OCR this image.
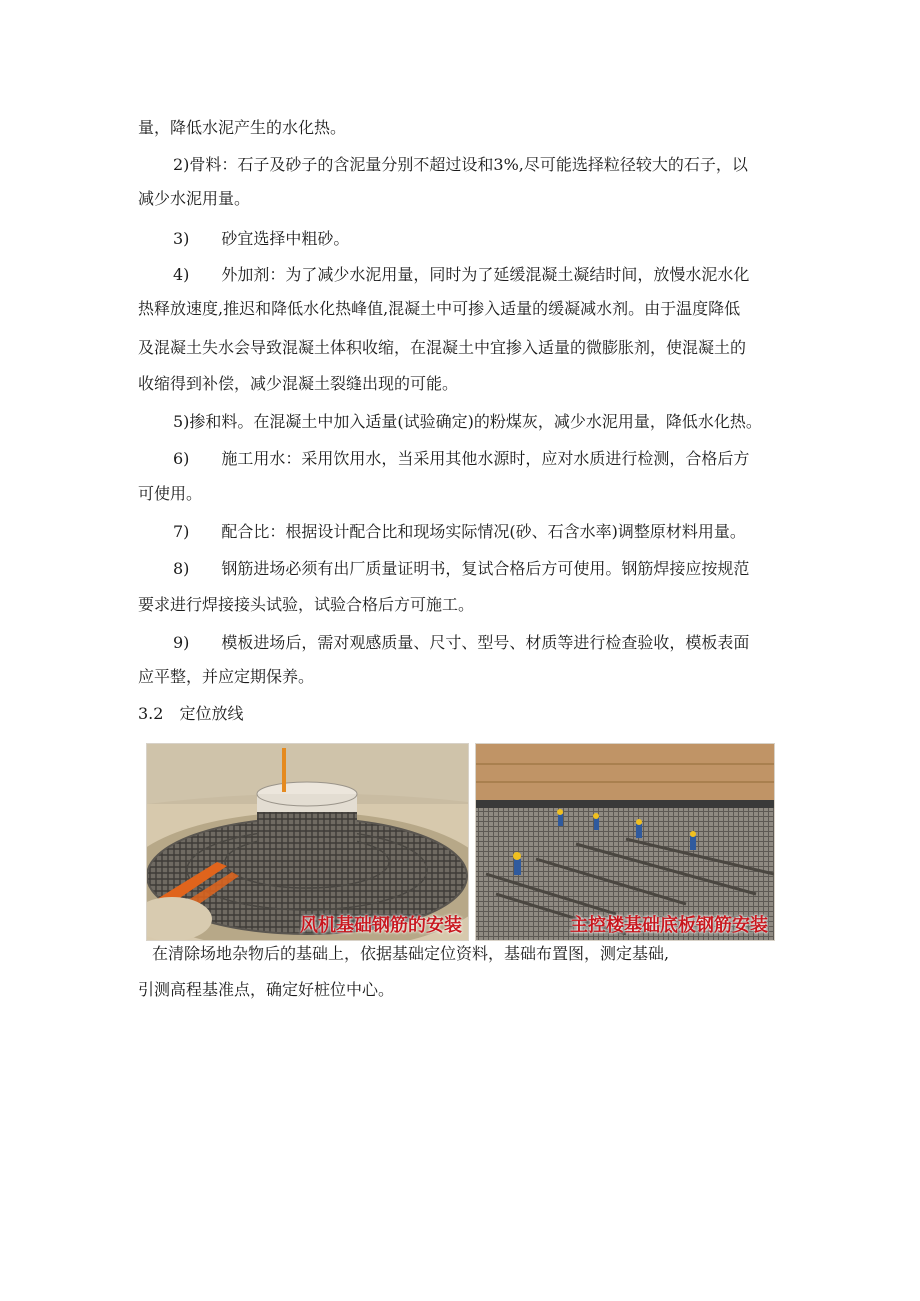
量，降低水泥产生的水化热。
2)骨料：石子及砂子的含泥量分别不超过设和3%,尽可能选择粒径较大的石子，以
减少水泥用量。
3)　　砂宜选择中粗砂。
4)　　外加剂：为了减少水泥用量，同时为了延缓混凝土凝结时间，放慢水泥水化
热释放速度,推迟和降低水化热峰值,混凝土中可掺入适量的缓凝减水剂。由于温度降低
及混凝土失水会导致混凝土体积收缩，在混凝土中宜掺入适量的微膨胀剂，使混凝土的
收缩得到补偿，减少混凝土裂缝出现的可能。
5)掺和料。在混凝土中加入适量(试验确定)的粉煤灰，减少水泥用量，降低水化热。
6)　　施工用水：采用饮用水，当采用其他水源时，应对水质进行检测，合格后方
可使用。
7)　　配合比：根据设计配合比和现场实际情况(砂、石含水率)调整原材料用量。
8)　　钢筋进场必须有出厂质量证明书，复试合格后方可使用。钢筋焊接应按规范
要求进行焊接接头试验，试验合格后方可施工。
9)　　模板进场后，需对观感质量、尺寸、型号、材质等进行检查验收，模板表面
应平整，并应定期保养。
3.2　定位放线
风机基础钢筋的安装	主控楼基础底板钢筋安装
在清除场地杂物后的基础上，依据基础定位资料，基础布置图，测定基础,
引测高程基准点，确定好桩位中心。
